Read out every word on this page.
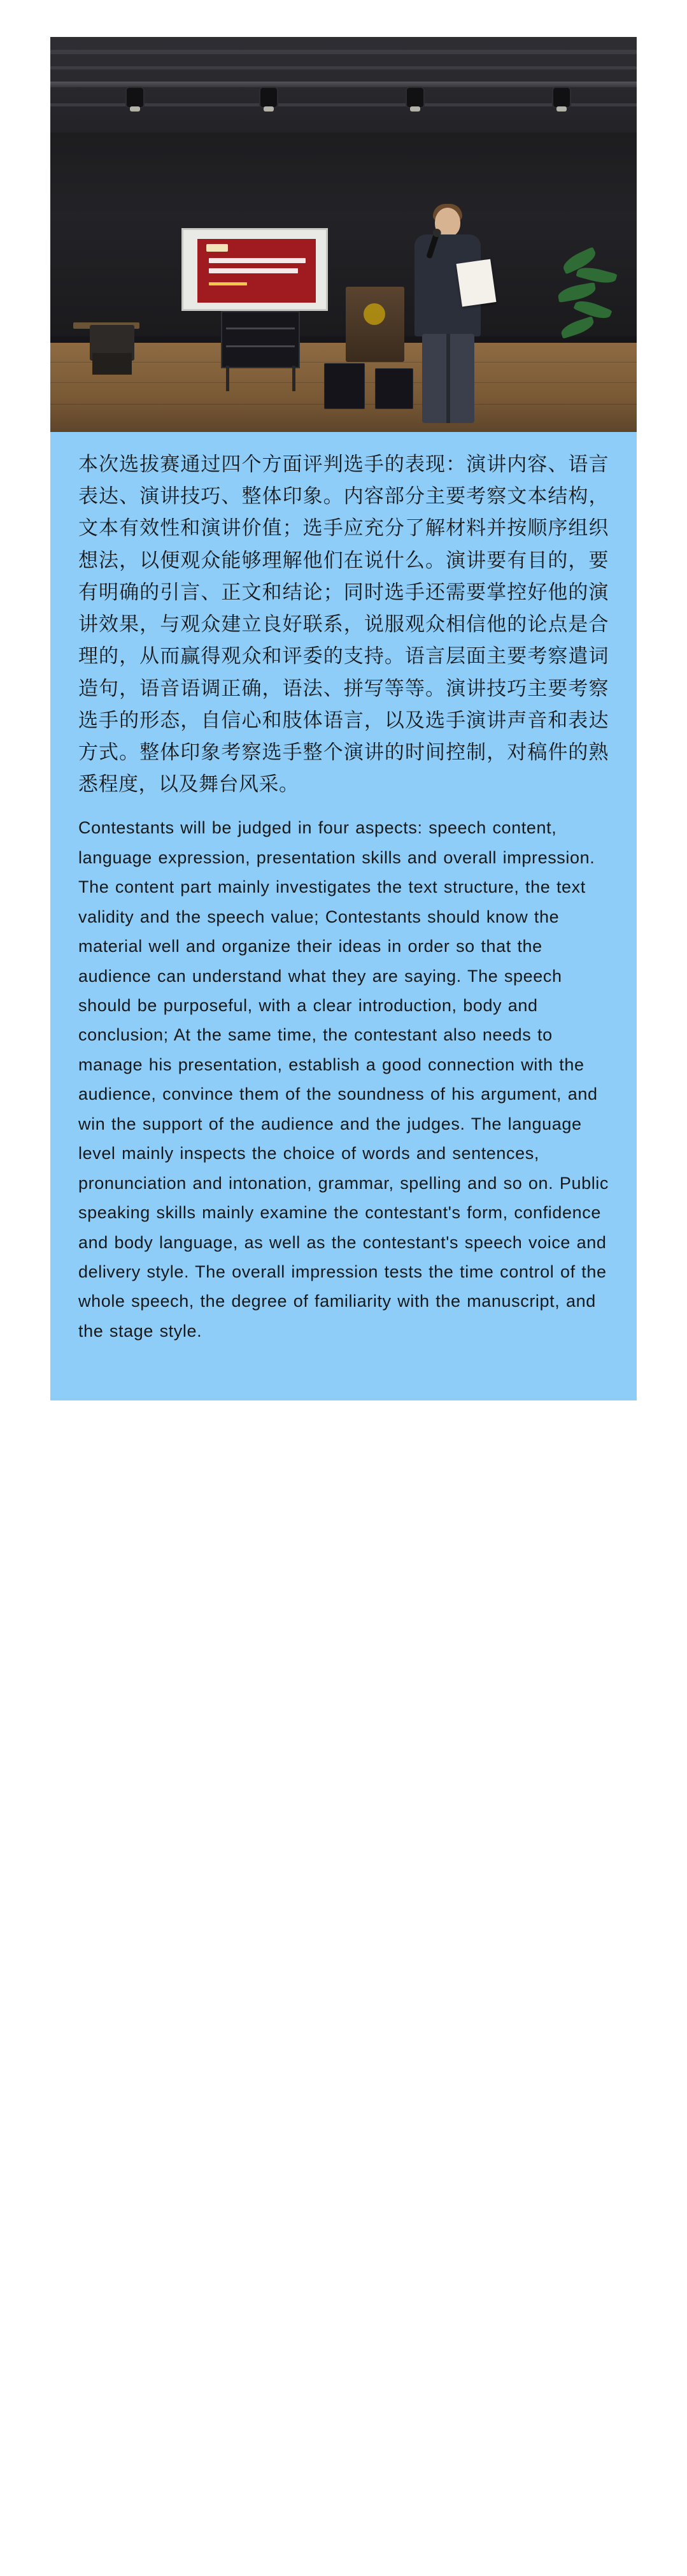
本次选拔赛通过四个方面评判选手的表现：演讲内容、语言表达、演讲技巧、整体印象。内容部分主要考察文本结构，文本有效性和演讲价值；选手应充分了解材料并按顺序组织想法，以便观众能够理解他们在说什么。演讲要有目的，要有明确的引言、正文和结论；同时选手还需要掌控好他的演讲效果，与观众建立良好联系，说服观众相信他的论点是合理的，从而赢得观众和评委的支持。语言层面主要考察遣词造句，语音语调正确，语法、拼写等等。演讲技巧主要考察选手的形态，自信心和肢体语言，以及选手演讲声音和表达方式。整体印象考察选手整个演讲的时间控制，对稿件的熟悉程度，以及舞台风采。

Contestants will be judged in four aspects: speech content, language expression, presentation skills and overall impression. The content part mainly investigates the text structure, the text validity and the speech value; Contestants should know the material well and organize their ideas in order so that the audience can understand what they are saying. The speech should be purposeful, with a clear introduction, body and conclusion; At the same time, the contestant also needs to manage his presentation, establish a good connection with the audience, convince them of the soundness of his argument, and win the support of the audience and the judges. The language level mainly inspects the choice of words and sentences, pronunciation and intonation, grammar, spelling and so on. Public speaking skills mainly examine the contestant's form, confidence and body language, as well as the contestant's speech voice and delivery style. The overall impression tests the time control of the whole speech, the degree of familiarity with the manuscript, and the stage style.
